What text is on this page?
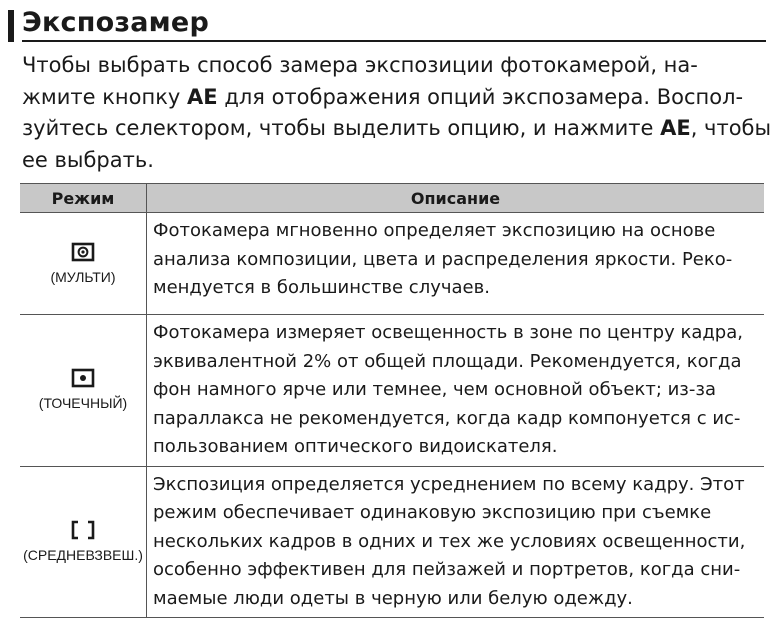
Экспозамер
Чтобы выбрать способ замера экспозиции фотокамерой, на-
жмите кнопку AE для отображения опций экспозамера. Воспол-
зуйтесь селектором, чтобы выделить опцию, и нажмите AE, чтобы
ее выбрать.
Режим	Описание

(МУЛЬТИ)	Фотокамера мгновенно определяет экспозицию на основе
анализа композиции, цвета и распределения яркости. Реко-
мендуется в большинстве случаев.

(ТОЧЕЧНЫЙ)	Фотокамера измеряет освещенность в зоне по центру кадра,
эквивалентной 2% от общей площади. Рекомендуется, когда
фон намного ярче или темнее, чем основной объект; из-за
параллакса не рекомендуется, когда кадр компонуется с ис-
пользованием оптического видоискателя.

(СРЕДНЕВЗВЕШ.)	Экспозиция определяется усреднением по всему кадру. Этот
режим обеспечивает одинаковую экспозицию при съемке
нескольких кадров в одних и тех же условиях освещенности,
особенно эффективен для пейзажей и портретов, когда сни-
маемые люди одеты в черную или белую одежду.
